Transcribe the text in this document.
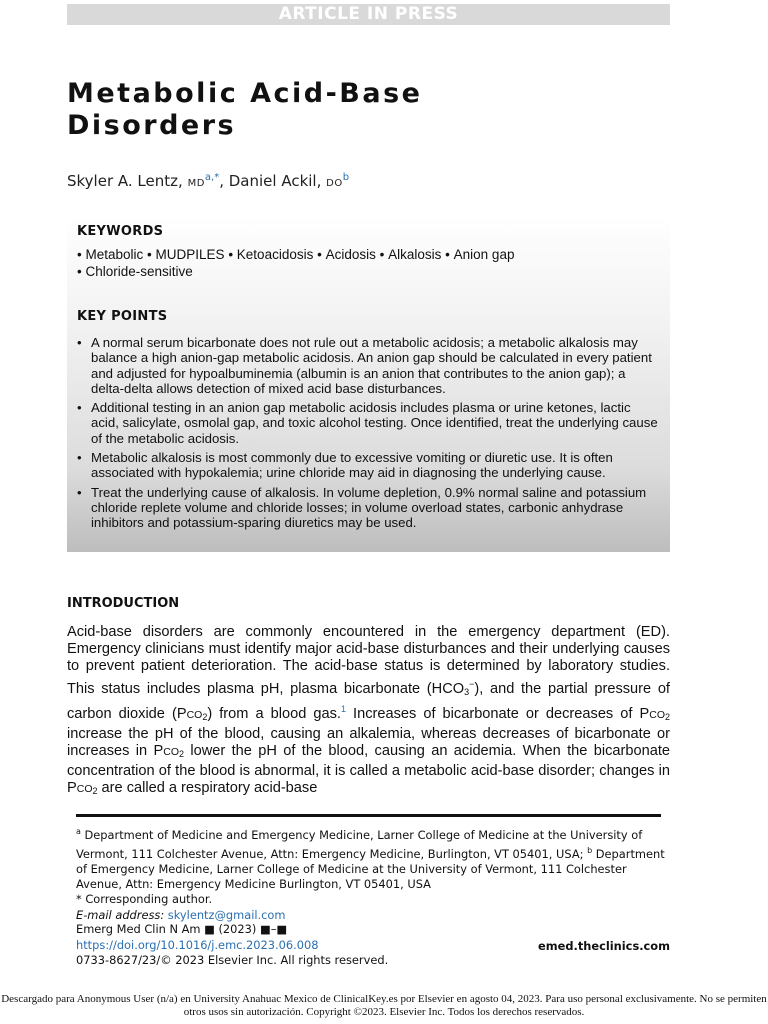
ARTICLE IN PRESS
Metabolic Acid-Base
Disorders
Skyler A. Lentz, $MD^{a,*}$, Daniel Ackil, $DO^b$
KEYWORDS
• Metabolic • MUDPILES • Ketoacidosis • Acidosis • Alkalosis • Anion gap
• Chloride-sensitive
KEY POINTS
• A normal serum bicarbonate does not rule out a metabolic acidosis; a metabolic alkalosis may balance a high anion-gap metabolic acidosis. An anion gap should be calculated in every patient and adjusted for hypoalbuminemia (albumin is an anion that contributes to the anion gap); a delta-delta allows detection of mixed acid base disturbances.
• Additional testing in an anion gap metabolic acidosis includes plasma or urine ketones, lactic acid, salicylate, osmolal gap, and toxic alcohol testing. Once identified, treat the underlying cause of the metabolic acidosis.
• Metabolic alkalosis is most commonly due to excessive vomiting or diuretic use. It is often associated with hypokalemia; urine chloride may aid in diagnosing the underlying cause.
• Treat the underlying cause of alkalosis. In volume depletion, 0.9% normal saline and potassium chloride replete volume and chloride losses; in volume overload states, carbonic anhydrase inhibitors and potassium-sparing diuretics may be used.
INTRODUCTION

Acid-base disorders are commonly encountered in the emergency department (ED). Emergency clinicians must identify major acid-base disturbances and their underlying causes to prevent patient deterioration. The acid-base status is determined by laboratory studies. This status includes plasma pH, plasma bicarbonate $(HCO_3^-)$, and the partial pressure of carbon dioxide $(PCO_2)$ from a blood gas.$^1$ Increases of bicarbonate or decreases of $PCO_2$ increase the pH of the blood, causing an alkalemia, whereas decreases of bicarbonate or increases in $PCO_2$ lower the pH of the blood, causing an acidemia. When the bicarbonate concentration of the blood is abnormal, it is called a metabolic acid-base disorder; changes in $PCO_2$ are called a respiratory acid-base

$^a$ Department of Medicine and Emergency Medicine, Larner College of Medicine at the University of Vermont, 111 Colchester Avenue, Attn: Emergency Medicine, Burlington, VT 05401, USA; $^b$ Department of Emergency Medicine, Larner College of Medicine at the University of Vermont, 111 Colchester Avenue, Attn: Emergency Medicine Burlington, VT 05401, USA
* Corresponding author.
E-mail address: skylentz@gmail.com
Emerg Med Clin N Am ■ (2023) ■–■
https://doi.org/10.1016/j.emc.2023.06.008
0733-8627/23/© 2023 Elsevier Inc. All rights reserved.
emed.theclinics.com
Descargado para Anonymous User (n/a) en University Anahuac Mexico de ClinicalKey.es por Elsevier en agosto 04, 2023. Para uso personal exclusivamente. No se permiten otros usos sin autorización. Copyright ©2023. Elsevier Inc. Todos los derechos reservados.
